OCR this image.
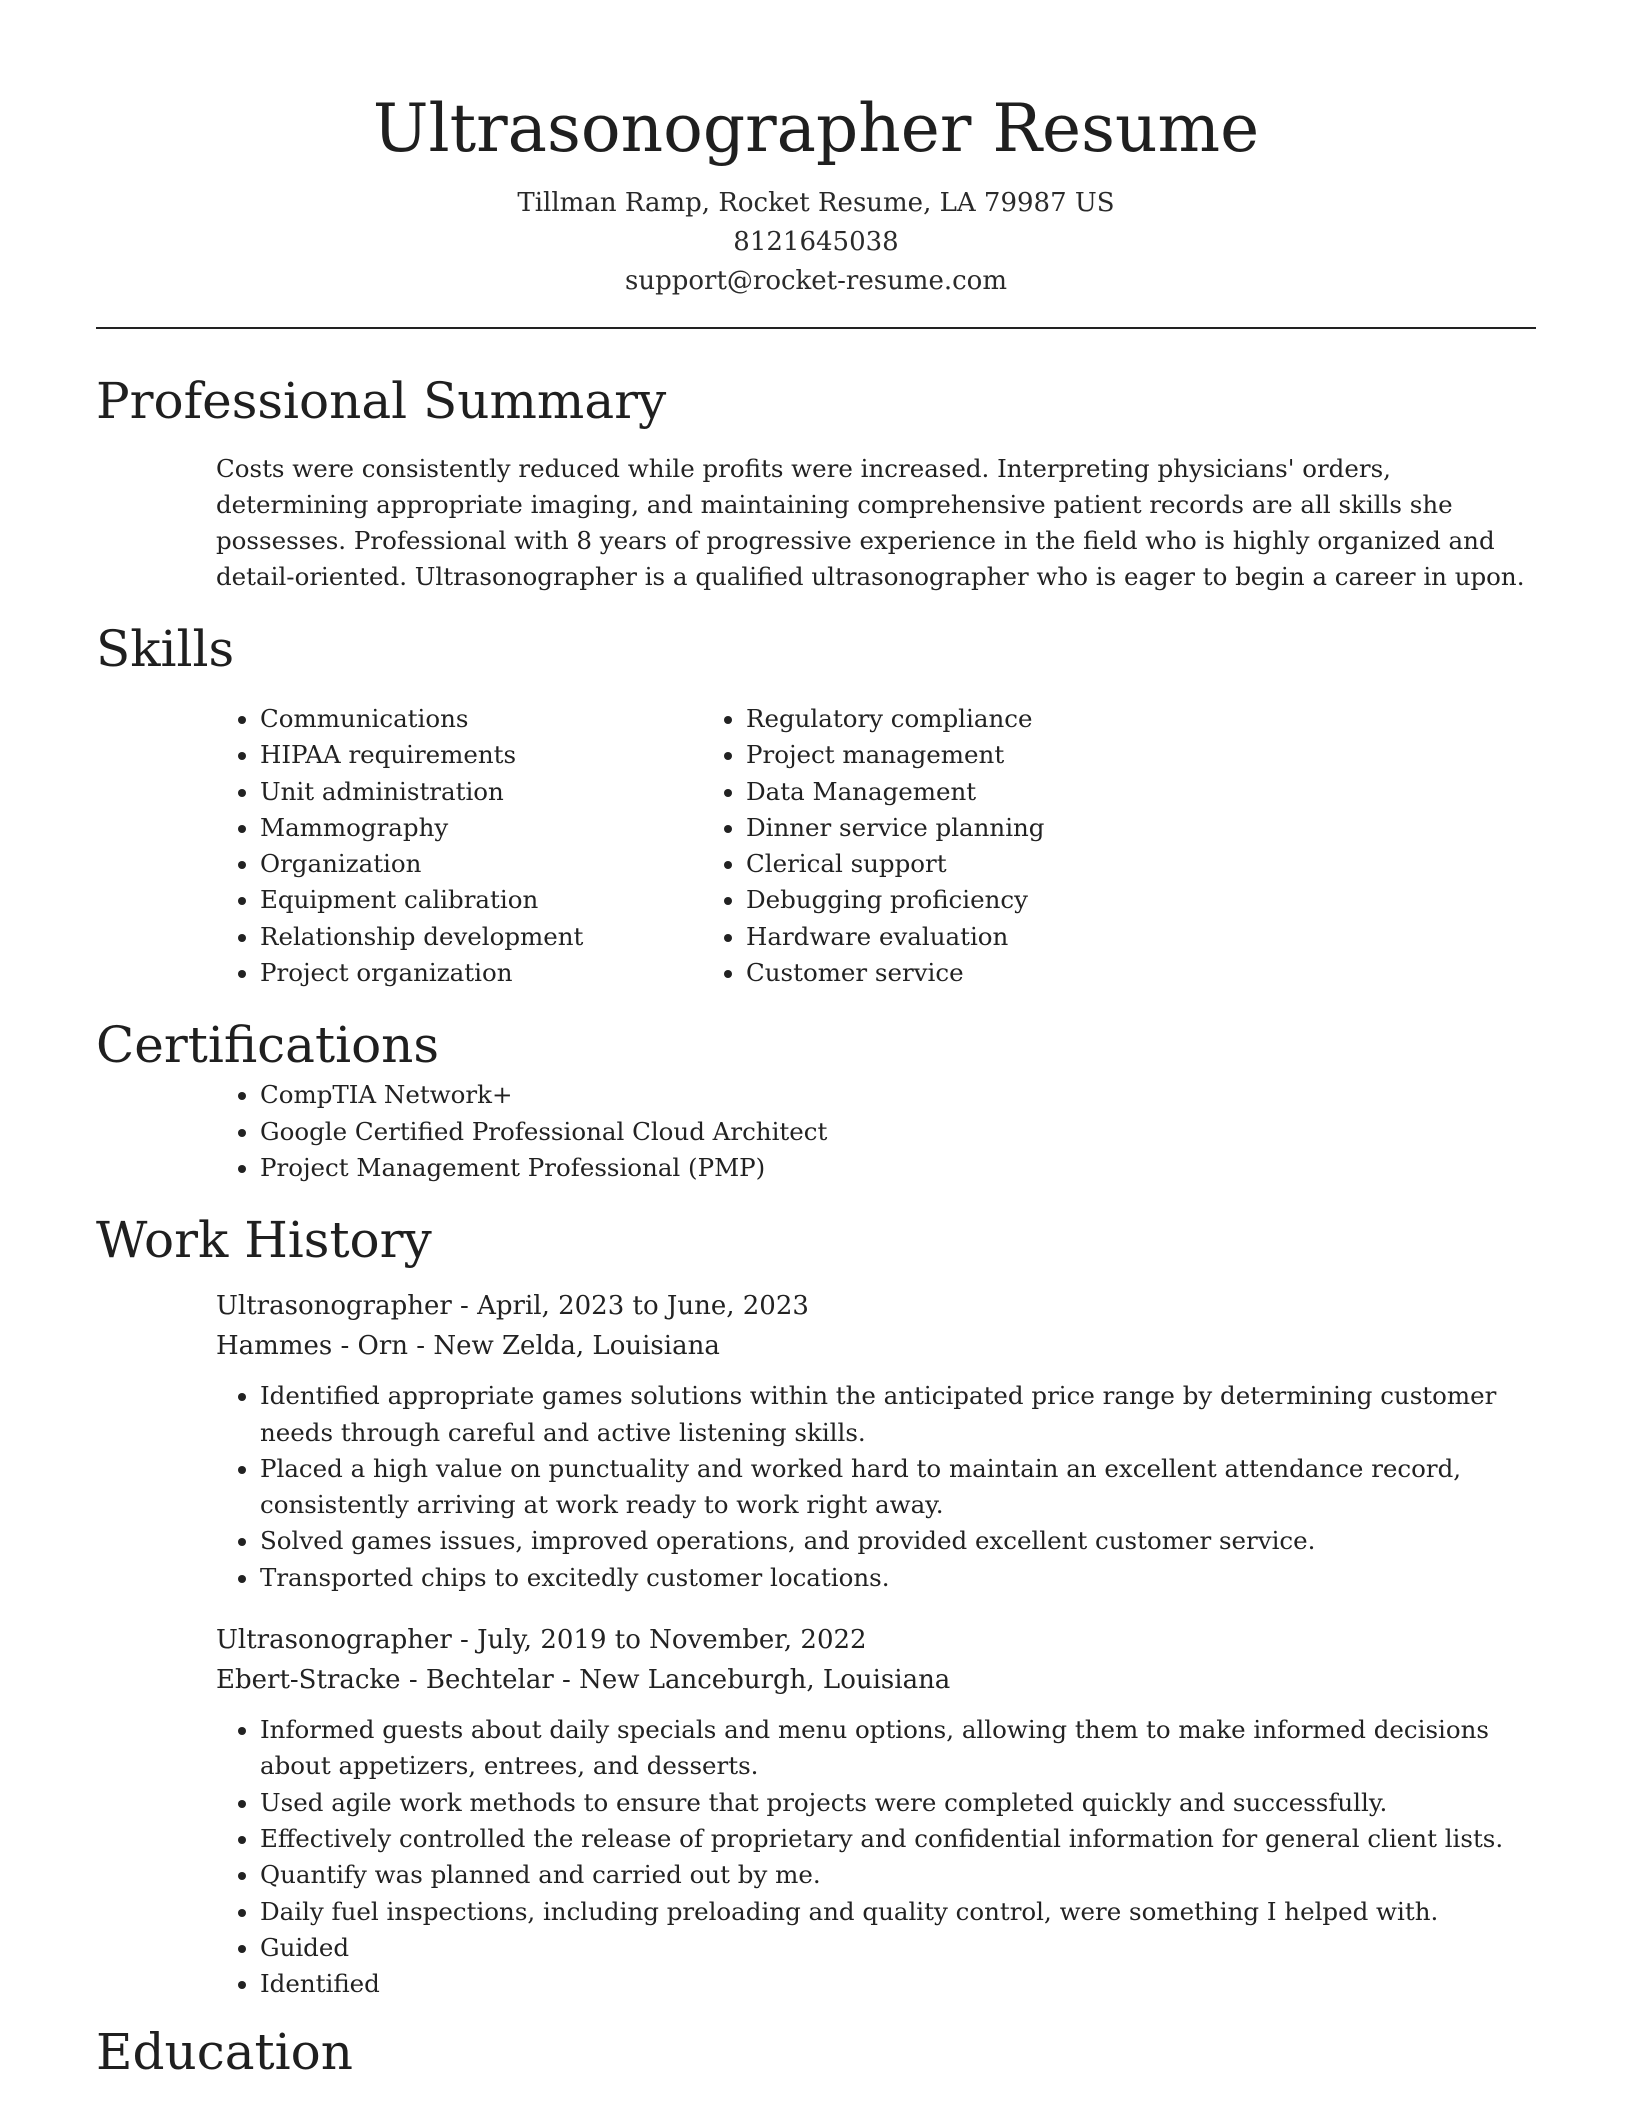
Ultrasonographer Resume
Tillman Ramp, Rocket Resume, LA 79987 US
8121645038
support@rocket-resume.com
Professional Summary

Costs were consistently reduced while profits were increased. Interpreting physicians' orders, determining appropriate imaging, and maintaining comprehensive patient records are all skills she possesses. Professional with 8 years of progressive experience in the field who is highly organized and detail-oriented. Ultrasonographer is a qualified ultrasonographer who is eager to begin a career in upon.

Skills
• Communications
• HIPAA requirements
• Unit administration
• Mammography
• Organization
• Equipment calibration
• Relationship development
• Project organization
• Regulatory compliance
• Project management
• Data Management
• Dinner service planning
• Clerical support
• Debugging proficiency
• Hardware evaluation
• Customer service
Certifications
• CompTIA Network+
• Google Certified Professional Cloud Architect
• Project Management Professional (PMP)
Work History
Ultrasonographer - April, 2023 to June, 2023
Hammes - Orn - New Zelda, Louisiana
• Identified appropriate games solutions within the anticipated price range by determining customer needs through careful and active listening skills.
• Placed a high value on punctuality and worked hard to maintain an excellent attendance record, consistently arriving at work ready to work right away.
• Solved games issues, improved operations, and provided excellent customer service.
• Transported chips to excitedly customer locations.
Ultrasonographer - July, 2019 to November, 2022
Ebert-Stracke - Bechtelar - New Lanceburgh, Louisiana
• Informed guests about daily specials and menu options, allowing them to make informed decisions about appetizers, entrees, and desserts.
• Used agile work methods to ensure that projects were completed quickly and successfully.
• Effectively controlled the release of proprietary and confidential information for general client lists.
• Quantify was planned and carried out by me.
• Daily fuel inspections, including preloading and quality control, were something I helped with.
• Guided
• Identified
Education
